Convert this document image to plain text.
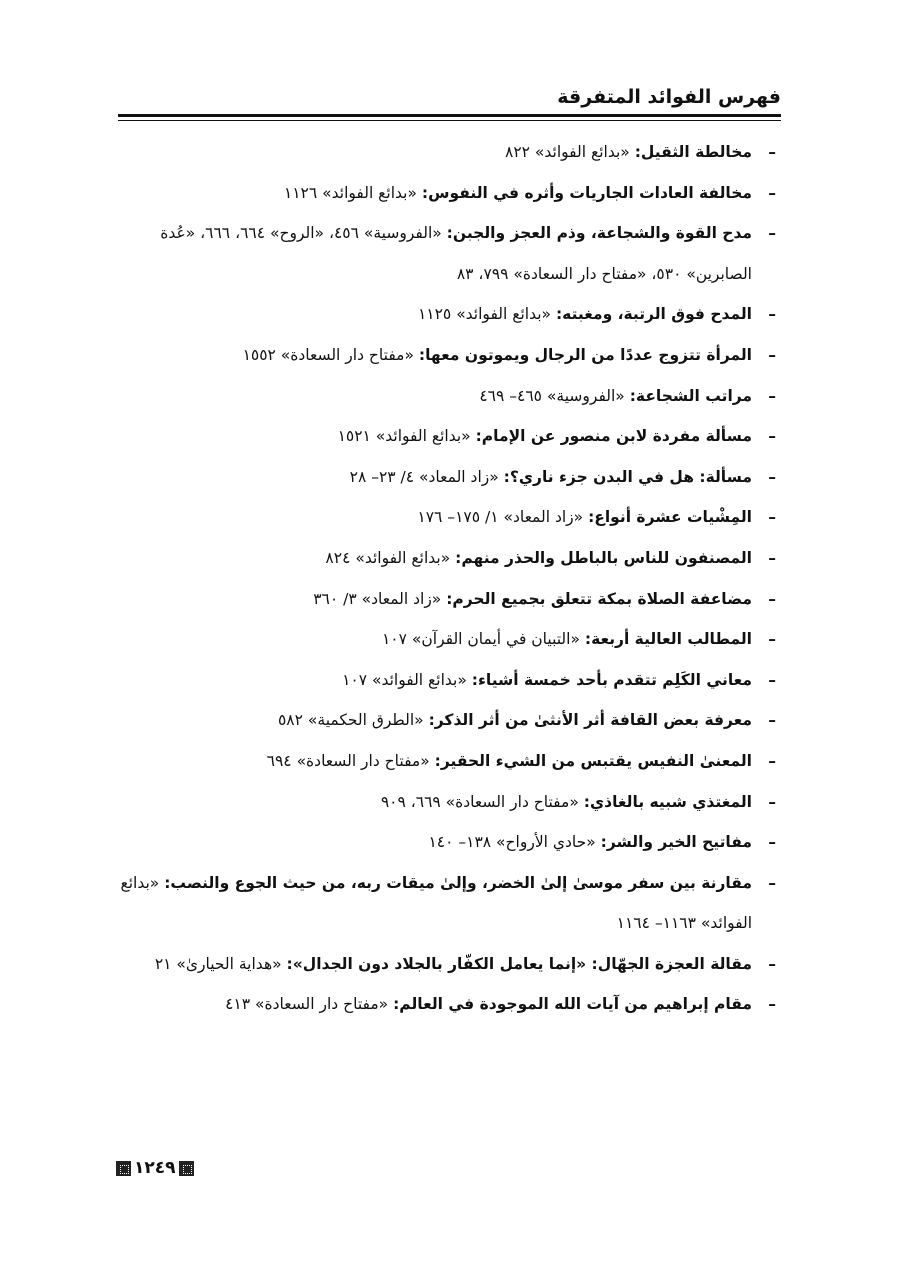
فهرس الفوائد المتفرقة
–
مخالطة الثقيل: «بدائع الفوائد» ٨٢٢
–
مخالفة العادات الجاريات وأثره في النفوس: «بدائع الفوائد» ١١٢٦
–
مدح القوة والشجاعة، وذم العجز والجبن: «الفروسية» ٤٥٦، «الروح» ٦٦٤، ٦٦٦، «عُدة الصابرين» ٥٣٠، «مفتاح دار السعادة» ٧٩٩، ٨٣
–
المدح فوق الرتبة، ومغبته: «بدائع الفوائد» ١١٢٥
–
المرأة تتزوج عددًا من الرجال ويموتون معها: «مفتاح دار السعادة» ١٥٥٢
–
مراتب الشجاعة: «الفروسية» ٤٦٥– ٤٦٩
–
مسألة مفردة لابن منصور عن الإمام: «بدائع الفوائد» ١٥٢١
–
مسألة: هل في البدن جزء ناري؟: «زاد المعاد» ٤/ ٢٣– ٢٨
–
المِشْيات عشرة أنواع: «زاد المعاد» ١/ ١٧٥– ١٧٦
–
المصنفون للناس بالباطل والحذر منهم: «بدائع الفوائد» ٨٢٤
–
مضاعفة الصلاة بمكة تتعلق بجميع الحرم: «زاد المعاد» ٣/ ٣٦٠
–
المطالب العالية أربعة: «التبيان في أيمان القرآن» ١٠٧
–
معاني الكَلِم تتقدم بأحد خمسة أشياء: «بدائع الفوائد» ١٠٧
–
معرفة بعض القافة أثر الأنثىٰ من أثر الذكر: «الطرق الحكمية» ٥٨٢
–
المعنىٰ النفيس يقتبس من الشيء الحقير: «مفتاح دار السعادة» ٦٩٤
–
المغتذي شبيه بالغاذي: «مفتاح دار السعادة» ٦٦٩، ٩٠٩
–
مفاتيح الخير والشر: «حادي الأرواح» ١٣٨– ١٤٠
–
مقارنة بين سفر موسىٰ إلىٰ الخضر، وإلىٰ ميقات ربه، من حيث الجوع والنصب: «بدائع الفوائد» ١١٦٣– ١١٦٤
–
مقالة العجزة الجهّال: «إنما يعامل الكفّار بالجلاد دون الجدال»: «هداية الحيارىٰ» ٢١
–
مقام إبراهيم من آيات الله الموجودة في العالم: «مفتاح دار السعادة» ٤١٣
١٢٤٩
